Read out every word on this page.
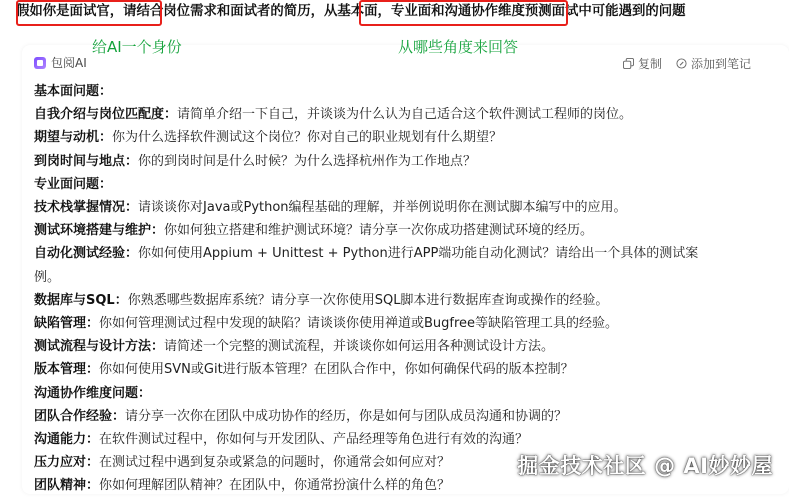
假如你是面试官，请结合岗位需求和面试者的简历，从基本面，专业面和沟通协作维度预测面试中可能遇到的问题
给AI一个身份	从哪些角度来回答
包阅AI	复制 添加到笔记
基本面问题：
自我介绍与岗位匹配度：请简单介绍一下自己，并谈谈为什么认为自己适合这个软件测试工程师的岗位。
期望与动机：你为什么选择软件测试这个岗位？你对自己的职业规划有什么期望？
到岗时间与地点：你的到岗时间是什么时候？为什么选择杭州作为工作地点？
专业面问题：
技术栈掌握情况：请谈谈你对Java或Python编程基础的理解，并举例说明你在测试脚本编写中的应用。
测试环境搭建与维护：你如何独立搭建和维护测试环境？请分享一次你成功搭建测试环境的经历。
自动化测试经验：你如何使用Appium + Unittest + Python进行APP端功能自动化测试？请给出一个具体的测试案
例。
数据库与SQL：你熟悉哪些数据库系统？请分享一次你使用SQL脚本进行数据库查询或操作的经验。
缺陷管理：你如何管理测试过程中发现的缺陷？请谈谈你使用禅道或Bugfree等缺陷管理工具的经验。
测试流程与设计方法：请简述一个完整的测试流程，并谈谈你如何运用各种测试设计方法。
版本管理：你如何使用SVN或Git进行版本管理？在团队合作中，你如何确保代码的版本控制？
沟通协作维度问题：
团队合作经验：请分享一次你在团队中成功协作的经历，你是如何与团队成员沟通和协调的？
沟通能力：在软件测试过程中，你如何与开发团队、产品经理等角色进行有效的沟通？
压力应对：在测试过程中遇到复杂或紧急的问题时，你通常会如何应对？
团队精神：你如何理解团队精神？在团队中，你通常扮演什么样的角色？
掘金技术社区 @ AI妙妙屋
